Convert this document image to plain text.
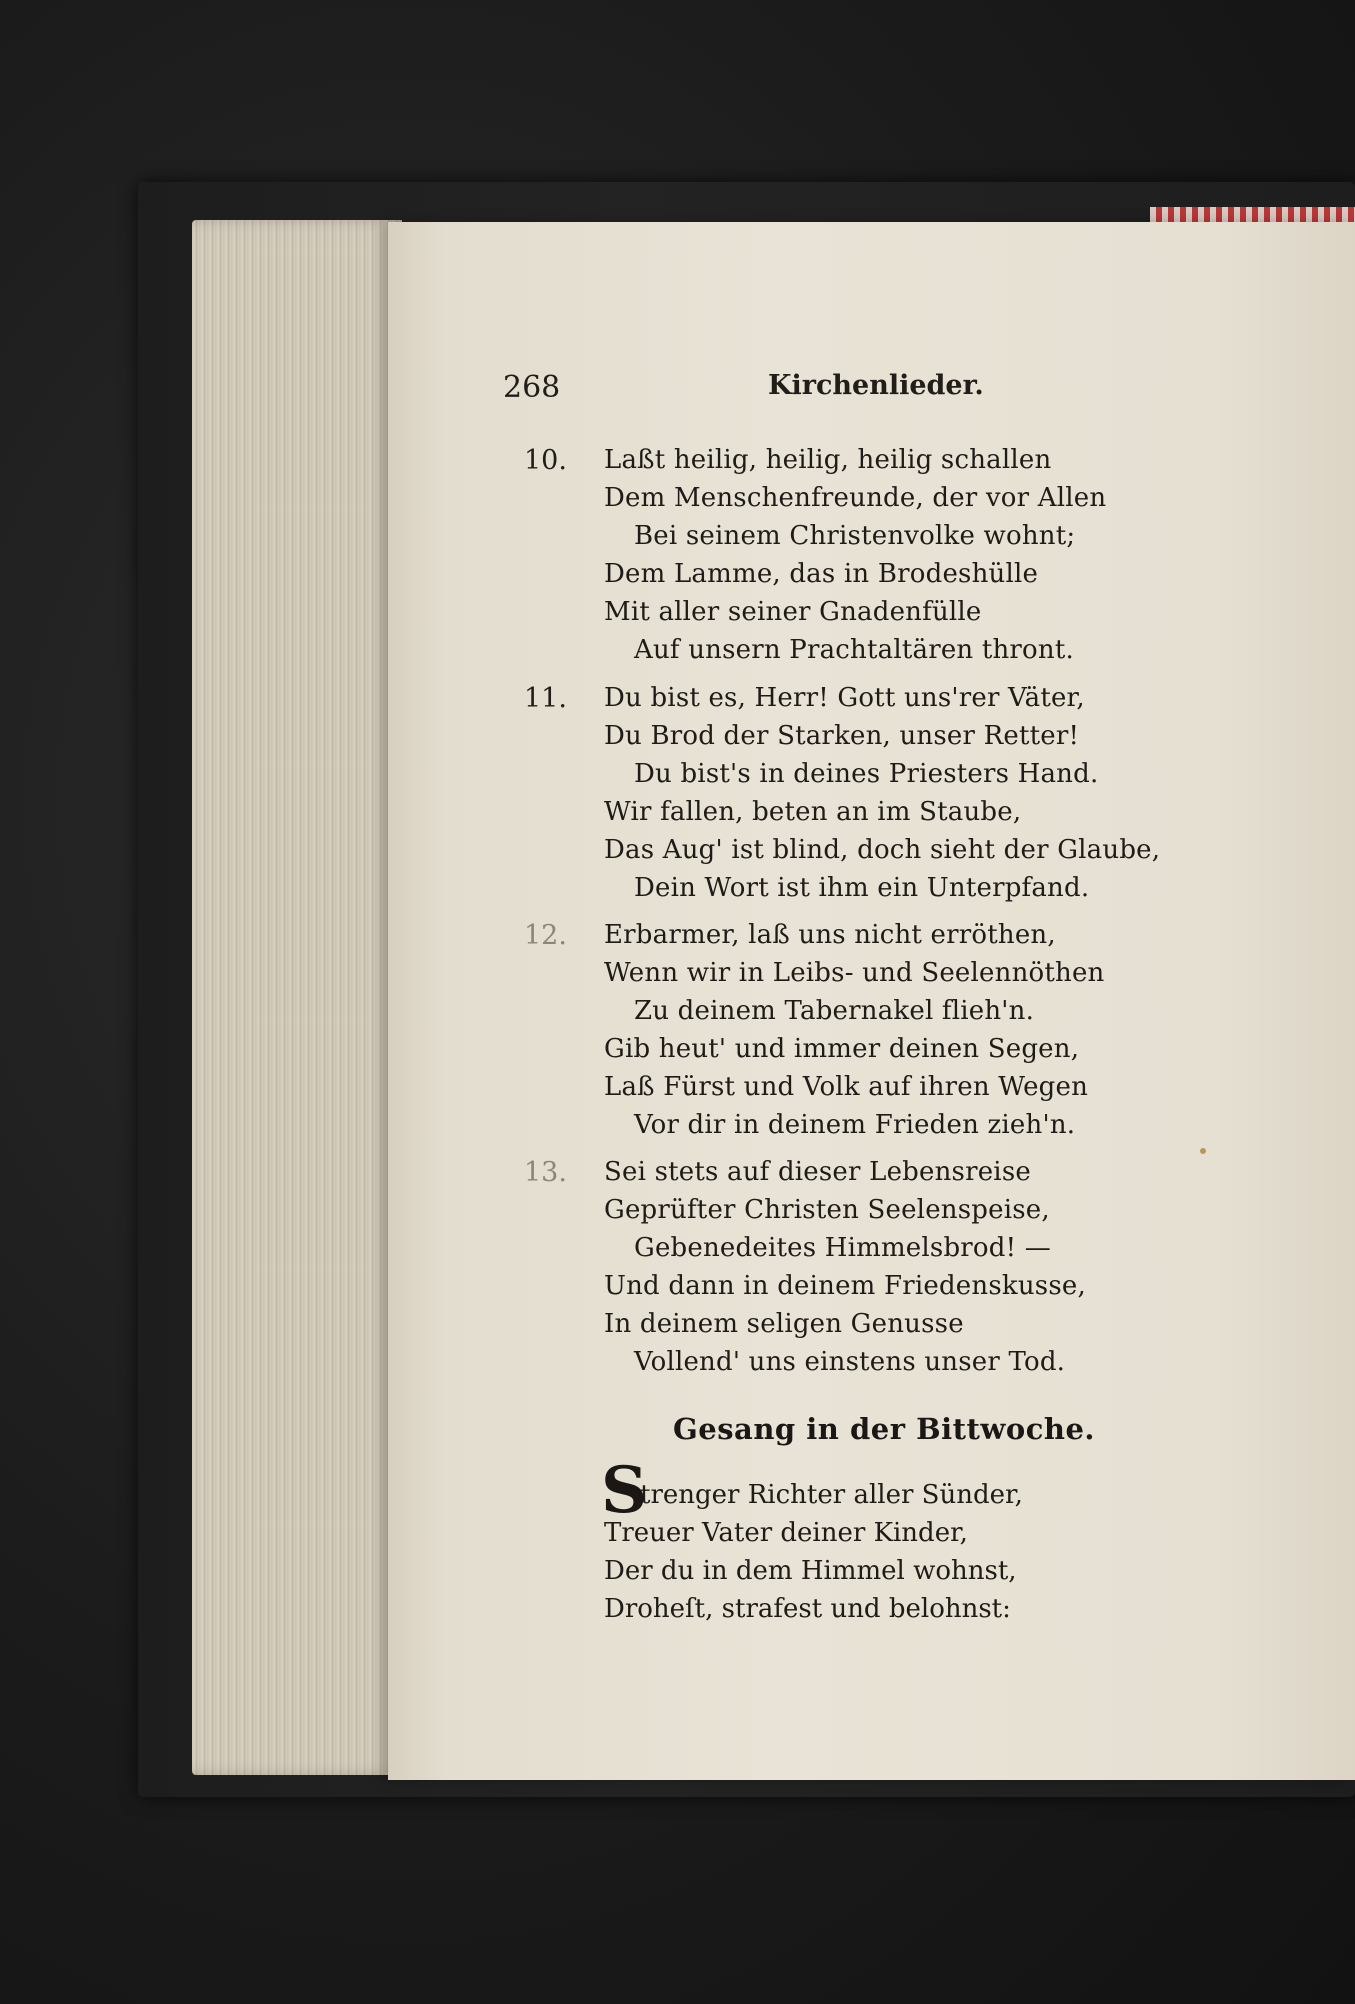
268	Kirchenlieder.
10.	Laßt heilig, heilig, heilig schallen
Dem Menschenfreunde, der vor Allen
Bei seinem Christenvolke wohnt;
Dem Lamme, das in Brodeshülle
Mit aller seiner Gnadenfülle
Auf unsern Prachtaltären thront.
11.	Du bist es, Herr! Gott uns'rer Väter,
Du Brod der Starken, unser Retter!
Du bist's in deines Priesters Hand.
Wir fallen, beten an im Staube,
Das Aug' ist blind, doch sieht der Glaube,
Dein Wort ist ihm ein Unterpfand.
12.	Erbarmer, laß uns nicht erröthen,
Wenn wir in Leibs- und Seelennöthen
Zu deinem Tabernakel flieh'n.
Gib heut' und immer deinen Segen,
Laß Fürst und Volk auf ihren Wegen
Vor dir in deinem Frieden zieh'n.
13.	Sei stets auf dieser Lebensreise
Geprüfter Christen Seelenspeise,
Gebenedeites Himmelsbrod! —
Und dann in deinem Friedenskusse,
In deinem seligen Genusse
Vollend' uns einstens unser Tod.
Gesang in der Bittwoche.
S
trenger Richter aller Sünder,
Treuer Vater deiner Kinder,
Der du in dem Himmel wohnst,
Droheſt, strafest und belohnst:
